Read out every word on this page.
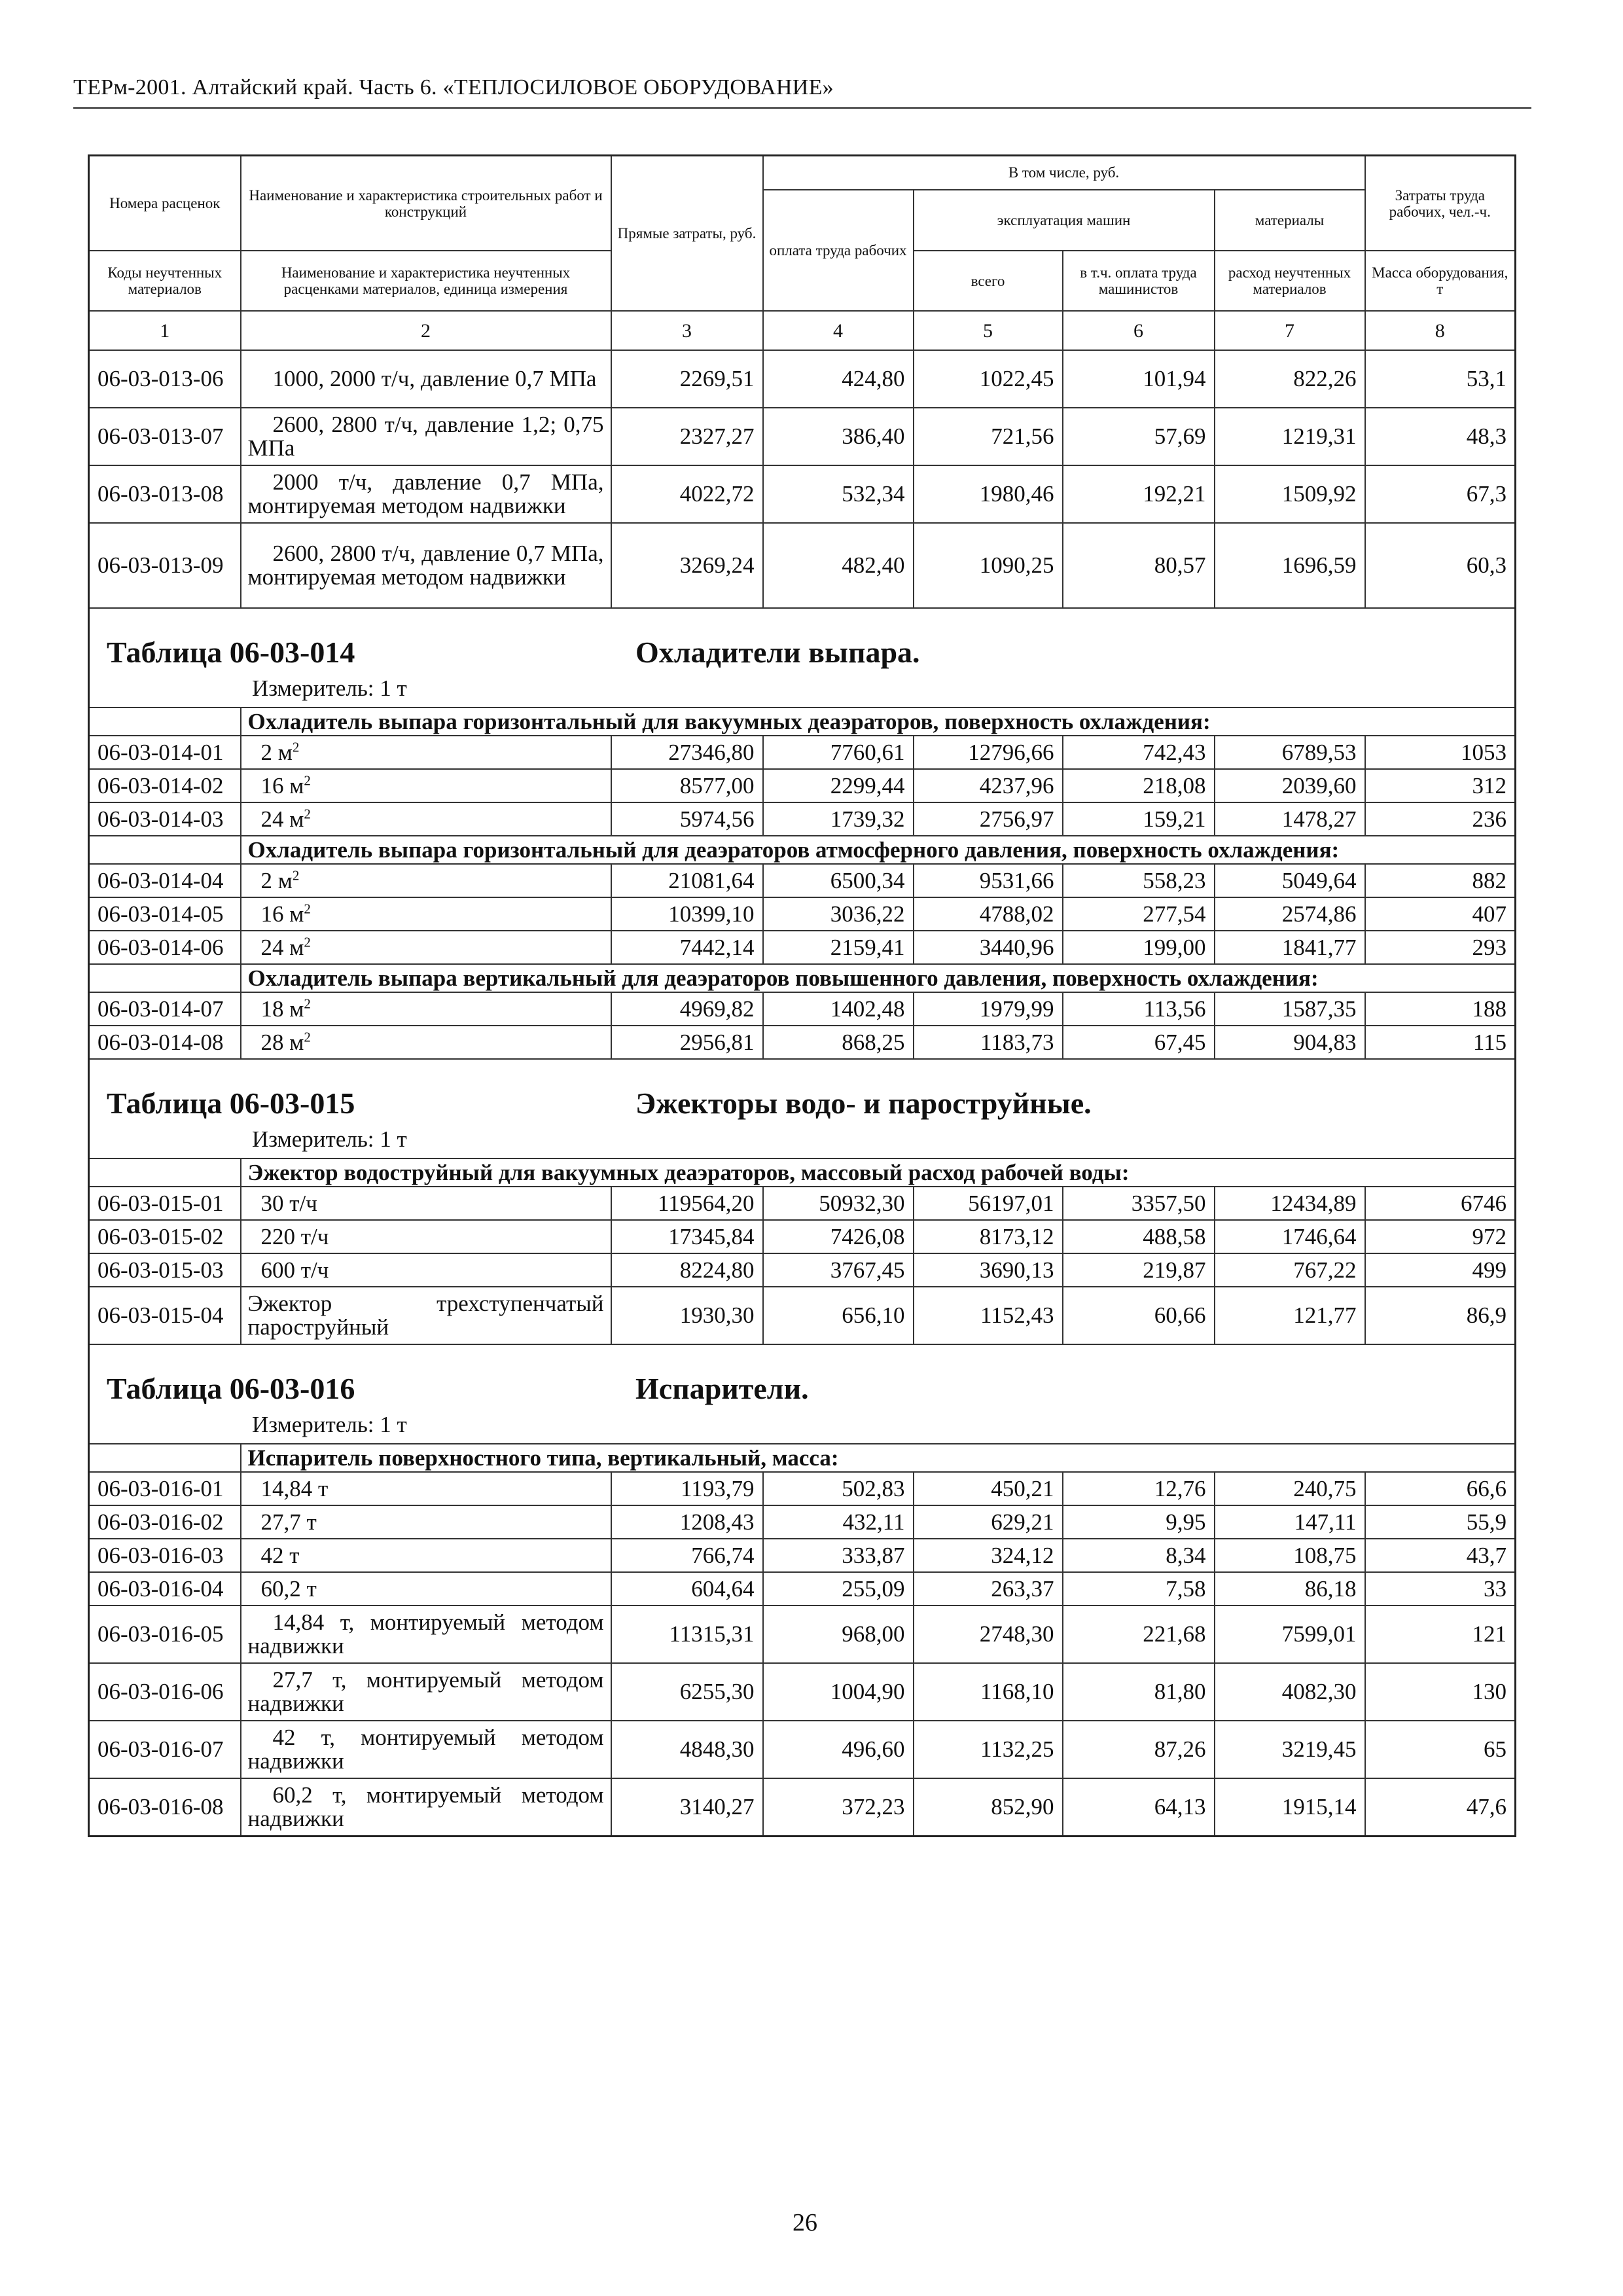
ТЕРм-2001. Алтайский край. Часть 6. «ТЕПЛОСИЛОВОЕ ОБОРУДОВАНИЕ»
Номера расценок	Наименование и характеристика строительных работ и конструкций	Прямые затраты, руб.	В том числе, руб.				Затраты труда рабочих, чел.-ч.
			оплата труда рабочих	эксплуатация машин		материалы	

Коды неучтенных материалов	Наименование и характеристика неучтенных расценками материалов, единица измерения			всего	в т.ч. оплата труда машинистов	расход неучтенных материалов	Масса оборудования, т

1	2	3	4	5	6	7	8
06-03-013-06	1000, 2000 т/ч, давление 0,7 МПа	2269,51	424,80	1022,45	101,94	822,26	53,1
06-03-013-07	2600, 2800 т/ч, давление 1,2; 0,75 МПа	2327,27	386,40	721,56	57,69	1219,31	48,3
06-03-013-08	2000 т/ч, давление 0,7 МПа, монтируемая методом надвижки	4022,72	532,34	1980,46	192,21	1509,92	67,3
06-03-013-09	2600, 2800 т/ч, давление 0,7 МПа, монтируемая методом надвижки	3269,24	482,40	1090,25	80,57	1696,59	60,3

Таблица 06-03-014 Охладители выпара.
Измеритель: 1 т							

	Охладитель выпара горизонтальный для вакуумных деаэраторов, поверхность охлаждения:						
06-03-014-01	2 $м^2$	27346,80	7760,61	12796,66	742,43	6789,53	1053
06-03-014-02	16 $м^2$	8577,00	2299,44	4237,96	218,08	2039,60	312
06-03-014-03	24 $м^2$	5974,56	1739,32	2756,97	159,21	1478,27	236
	Охладитель выпара горизонтальный для деаэраторов атмосферного давления, поверхность охлаждения:						
06-03-014-04	2 $м^2$	21081,64	6500,34	9531,66	558,23	5049,64	882
06-03-014-05	16 $м^2$	10399,10	3036,22	4788,02	277,54	2574,86	407
06-03-014-06	24 $м^2$	7442,14	2159,41	3440,96	199,00	1841,77	293
	Охладитель выпара вертикальный для деаэраторов повышенного давления, поверхность охлаждения:						
06-03-014-07	18 $м^2$	4969,82	1402,48	1979,99	113,56	1587,35	188
06-03-014-08	28 $м^2$	2956,81	868,25	1183,73	67,45	904,83	115

Таблица 06-03-015 Эжекторы водо- и пароструйные.
Измеритель: 1 т							

	Эжектор водоструйный для вакуумных деаэраторов, массовый расход рабочей воды:						
06-03-015-01	30 т/ч	119564,20	50932,30	56197,01	3357,50	12434,89	6746
06-03-015-02	220 т/ч	17345,84	7426,08	8173,12	488,58	1746,64	972
06-03-015-03	600 т/ч	8224,80	3767,45	3690,13	219,87	767,22	499
06-03-015-04	Эжектор трехступенчатый пароструйный	1930,30	656,10	1152,43	60,66	121,77	86,9

Таблица 06-03-016 Испарители.
Измеритель: 1 т							

	Испаритель поверхностного типа, вертикальный, масса:						
06-03-016-01	14,84 т	1193,79	502,83	450,21	12,76	240,75	66,6
06-03-016-02	27,7 т	1208,43	432,11	629,21	9,95	147,11	55,9
06-03-016-03	42 т	766,74	333,87	324,12	8,34	108,75	43,7
06-03-016-04	60,2 т	604,64	255,09	263,37	7,58	86,18	33
06-03-016-05	14,84 т, монтируемый методом надвижки	11315,31	968,00	2748,30	221,68	7599,01	121
06-03-016-06	27,7 т, монтируемый методом надвижки	6255,30	1004,90	1168,10	81,80	4082,30	130
06-03-016-07	42 т, монтируемый методом надвижки	4848,30	496,60	1132,25	87,26	3219,45	65
06-03-016-08	60,2 т, монтируемый методом надвижки	3140,27	372,23	852,90	64,13	1915,14	47,6
26
